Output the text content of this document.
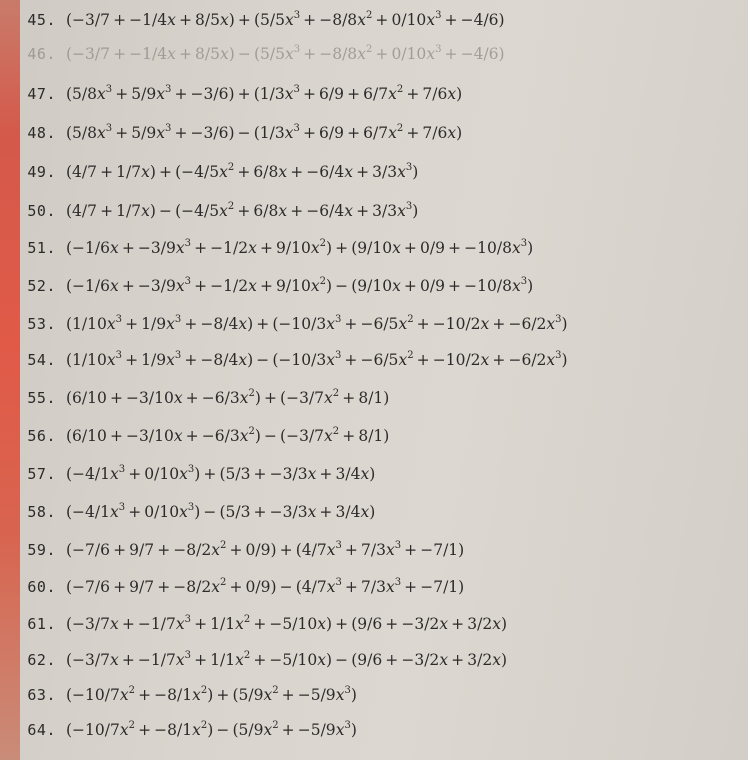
45. $(-3/7 + -1/4x + 8/5x) + (5/5x^3 + -8/8x^2 + 0/10x^3 + -4/6)$
46. $(-3/7 + -1/4x + 8/5x) - (5/5x^3 + -8/8x^2 + 0/10x^3 + -4/6)$
47. $(5/8x^3 + 5/9x^3 + -3/6) + (1/3x^3 + 6/9 + 6/7x^2 + 7/6x)$
48. $(5/8x^3 + 5/9x^3 + -3/6) - (1/3x^3 + 6/9 + 6/7x^2 + 7/6x)$
49. $(4/7 + 1/7x) + (-4/5x^2 + 6/8x + -6/4x + 3/3x^3)$
50. $(4/7 + 1/7x) - (-4/5x^2 + 6/8x + -6/4x + 3/3x^3)$
51. $(-1/6x + -3/9x^3 + -1/2x + 9/10x^2) + (9/10x + 0/9 + -10/8x^3)$
52. $(-1/6x + -3/9x^3 + -1/2x + 9/10x^2) - (9/10x + 0/9 + -10/8x^3)$
53. $(1/10x^3 + 1/9x^3 + -8/4x) + (-10/3x^3 + -6/5x^2 + -10/2x + -6/2x^3)$
54. $(1/10x^3 + 1/9x^3 + -8/4x) - (-10/3x^3 + -6/5x^2 + -10/2x + -6/2x^3)$
55. $(6/10 + -3/10x + -6/3x^2) + (-3/7x^2 + 8/1)$
56. $(6/10 + -3/10x + -6/3x^2) - (-3/7x^2 + 8/1)$
57. $(-4/1x^3 + 0/10x^3) + (5/3 + -3/3x + 3/4x)$
58. $(-4/1x^3 + 0/10x^3) - (5/3 + -3/3x + 3/4x)$
59. $(-7/6 + 9/7 + -8/2x^2 + 0/9) + (4/7x^3 + 7/3x^3 + -7/1)$
60. $(-7/6 + 9/7 + -8/2x^2 + 0/9) - (4/7x^3 + 7/3x^3 + -7/1)$
61. $(-3/7x + -1/7x^3 + 1/1x^2 + -5/10x) + (9/6 + -3/2x + 3/2x)$
62. $(-3/7x + -1/7x^3 + 1/1x^2 + -5/10x) - (9/6 + -3/2x + 3/2x)$
63. $(-10/7x^2 + -8/1x^2) + (5/9x^2 + -5/9x^3)$
64. $(-10/7x^2 + -8/1x^2) - (5/9x^2 + -5/9x^3)$
